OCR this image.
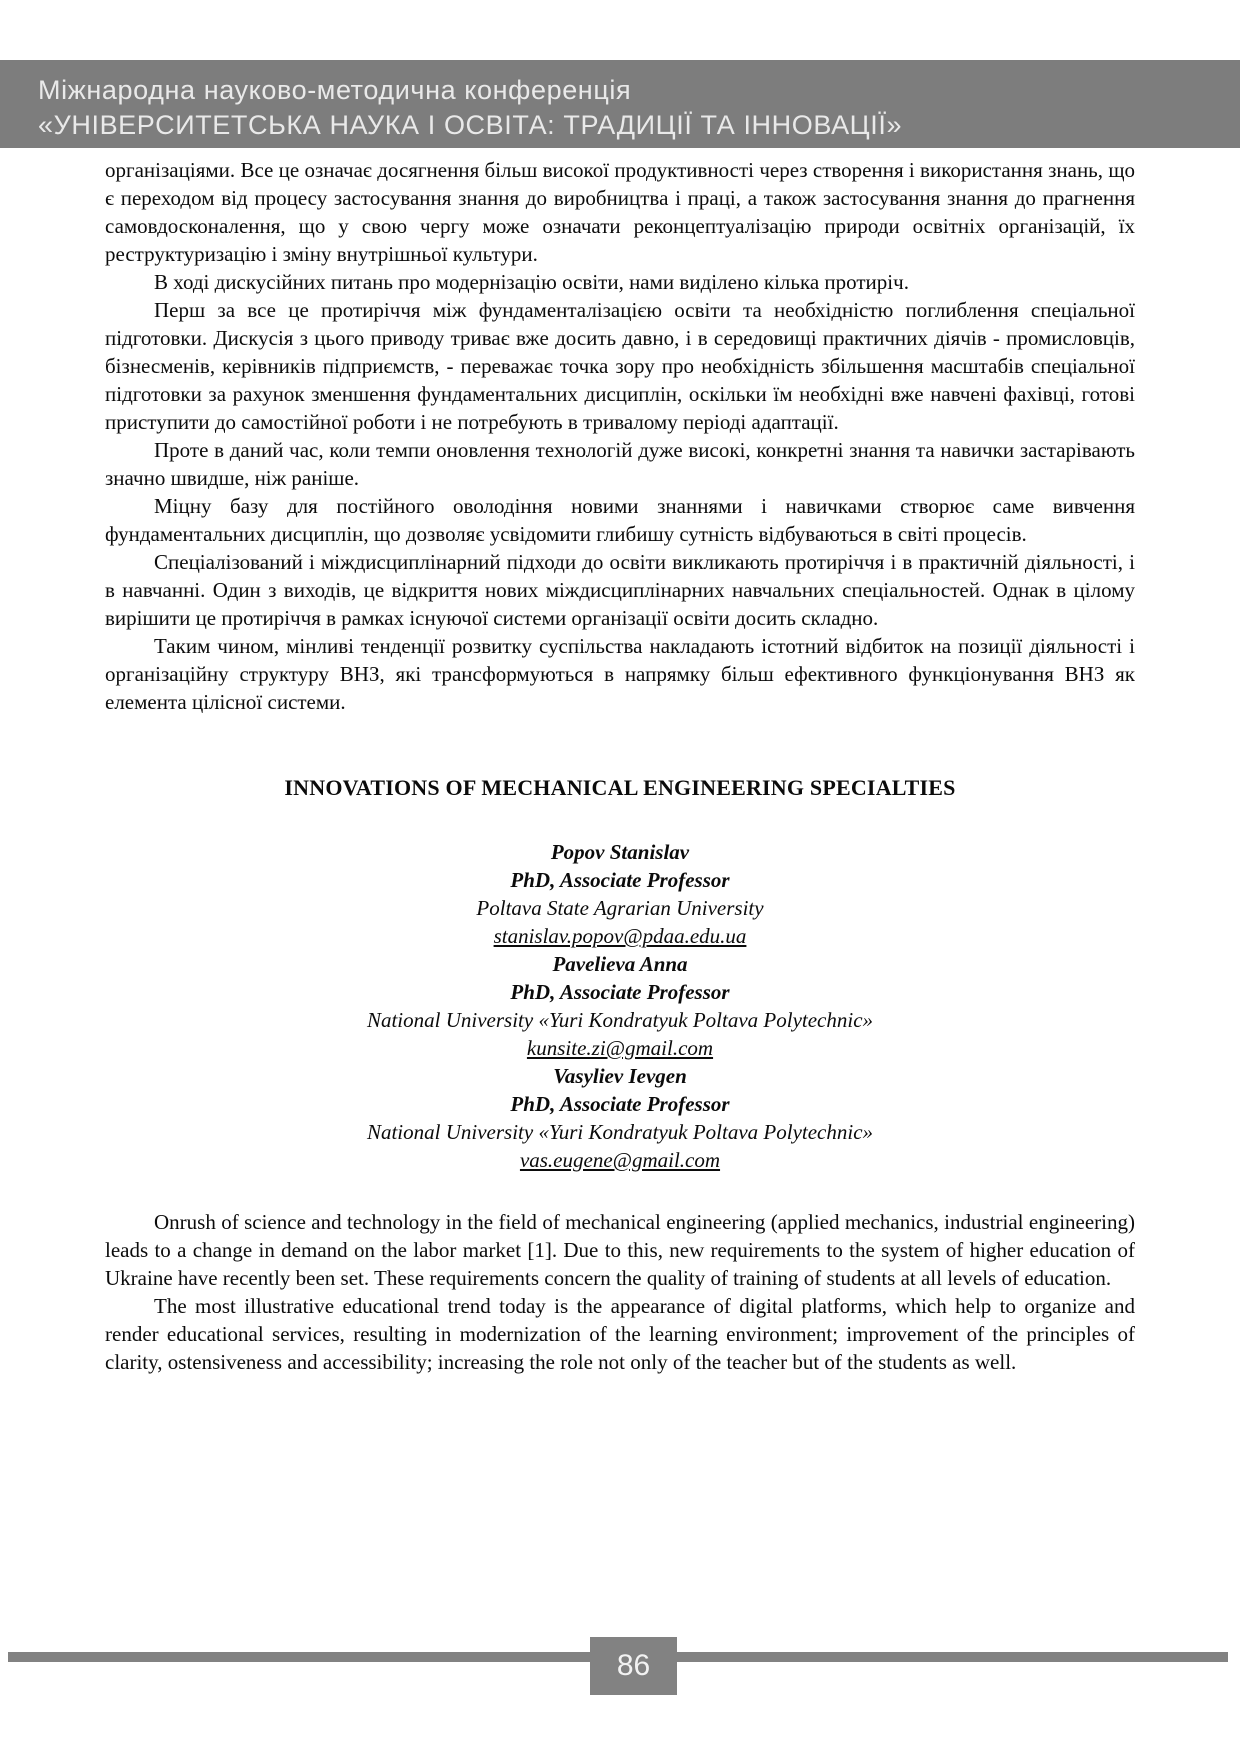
Міжнародна науково-методична конференція
«УНІВЕРСИТЕТСЬКА НАУКА І ОСВІТА: ТРАДИЦІЇ ТА ІННОВАЦІЇ»

організаціями. Все це означає досягнення більш високої продуктивності через створення і використання знань, що є переходом від процесу застосування знання до виробництва і праці, а також застосування знання до прагнення самовдосконалення, що у свою чергу може означати реконцептуалізацію природи освітніх організацій, їх реструктуризацію і зміну внутрішньої культури.

В ході дискусійних питань про модернізацію освіти, нами виділено кілька протиріч.

Перш за все це протиріччя між фундаменталізацією освіти та необхідністю поглиблення спеціальної підготовки. Дискусія з цього приводу триває вже досить давно, і в середовищі практичних діячів - промисловців, бізнесменів, керівників підприємств, - переважає точка зору про необхідність збільшення масштабів спеціальної підготовки за рахунок зменшення фундаментальних дисциплін, оскільки їм необхідні вже навчені фахівці, готові приступити до самостійної роботи і не потребують в тривалому періоді адаптації.

Проте в даний час, коли темпи оновлення технологій дуже високі, конкретні знання та навички застарівають значно швидше, ніж раніше.

Міцну базу для постійного оволодіння новими знаннями і навичками створює саме вивчення фундаментальних дисциплін, що дозволяє усвідомити глибишу сутність відбуваються в світі процесів.

Спеціалізований і міждисциплінарний підходи до освіти викликають протиріччя і в практичній діяльності, і в навчанні. Один з виходів, це відкриття нових міждисциплінарних навчальних спеціальностей. Однак в цілому вирішити це протиріччя в рамках існуючої системи організації освіти досить складно.

Таким чином, мінливі тенденції розвитку суспільства накладають істотний відбиток на позиції діяльності і організаційну структуру ВНЗ, які трансформуються в напрямку більш ефективного функціонування ВНЗ як елемента цілісної системи.

INNOVATIONS OF MECHANICAL ENGINEERING SPECIALTIES
Popov Stanislav
PhD, Associate Professor
Poltava State Agrarian University
stanislav.popov@pdaa.edu.ua
Pavelieva Anna
PhD, Associate Professor
National University «Yuri Kondratyuk Poltava Polytechnic»
kunsite.zi@gmail.com
Vasyliev Ievgen
PhD, Associate Professor
National University «Yuri Kondratyuk Poltava Polytechnic»
vas.eugene@gmail.com

Onrush of science and technology in the field of mechanical engineering (applied mechanics, industrial engineering) leads to a change in demand on the labor market [1]. Due to this, new requirements to the system of higher education of Ukraine have recently been set. These requirements concern the quality of training of students at all levels of education.

The most illustrative educational trend today is the appearance of digital platforms, which help to organize and render educational services, resulting in modernization of the learning environment; improvement of the principles of clarity, ostensiveness and accessibility; increasing the role not only of the teacher but of the students as well.

86
